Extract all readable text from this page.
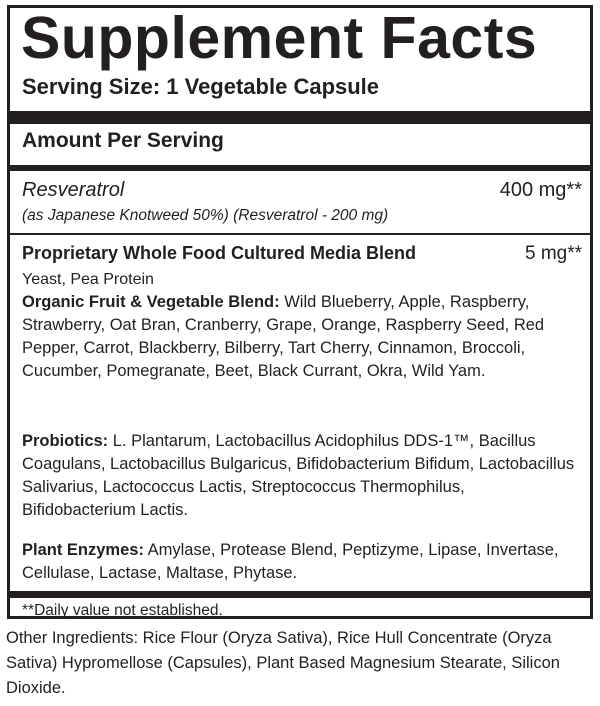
Supplement Facts
Serving Size: 1 Vegetable Capsule
Amount Per Serving
Resveratrol	400 mg**
(as Japanese Knotweed 50%) (Resveratrol - 200 mg)
Proprietary Whole Food Cultured Media Blend	5 mg**
Yeast, Pea Protein
Organic Fruit & Vegetable Blend: Wild Blueberry, Apple, Raspberry, Strawberry, Oat Bran, Cranberry, Grape, Orange, Raspberry Seed, Red Pepper, Carrot, Blackberry, Bilberry, Tart Cherry, Cinnamon, Broccoli, Cucumber, Pomegranate, Beet, Black Currant, Okra, Wild Yam.
Probiotics: L. Plantarum, Lactobacillus Acidophilus DDS-1™, Bacillus Coagulans, Lactobacillus Bulgaricus, Bifidobacterium Bifidum, Lactobacillus Salivarius, Lactococcus Lactis, Streptococcus Thermophilus, Bifidobacterium Lactis.
Plant Enzymes: Amylase, Protease Blend, Peptizyme, Lipase, Invertase, Cellulase, Lactase, Maltase, Phytase.
**Daily value not established.
Other Ingredients: Rice Flour (Oryza Sativa), Rice Hull Concentrate (Oryza Sativa) Hypromellose (Capsules), Plant Based Magnesium Stearate, Silicon Dioxide.
